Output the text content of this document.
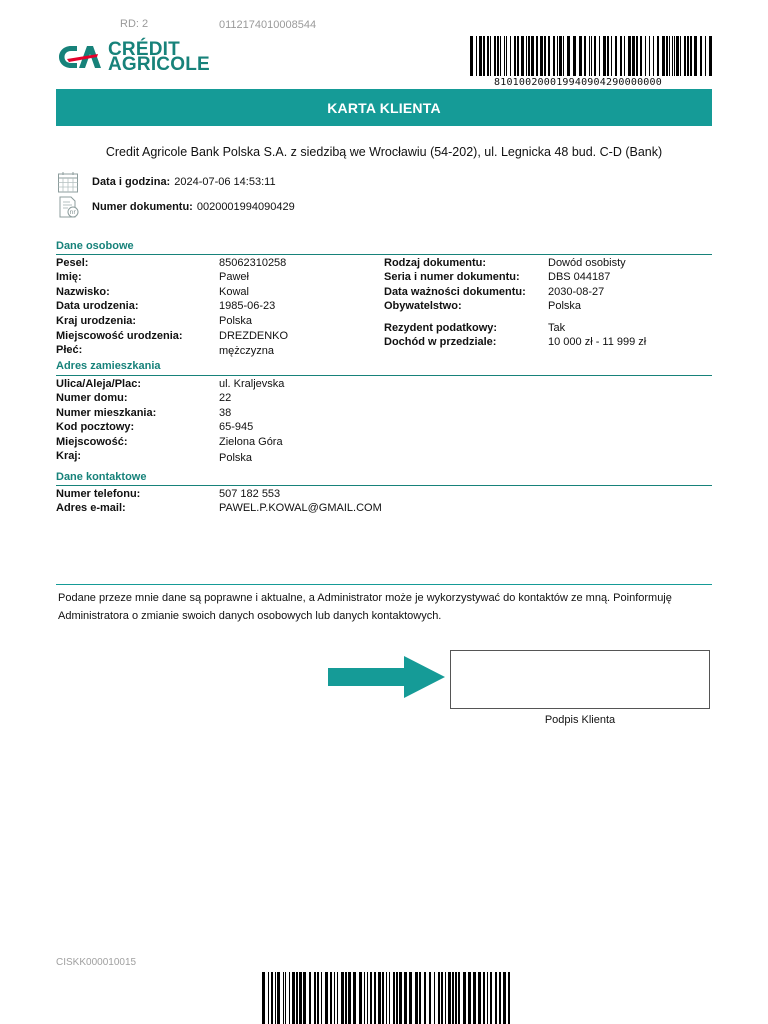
RD: 2	0112174010008544
CRÉDIT
AGRICOLE
810100200019940904290000000
KARTA KLIENTA
Credit Agricole Bank Polska S.A. z siedzibą we Wrocławiu (54-202), ul. Legnicka 48 bud. C-D (Bank)
Data i godzina: 2024-07-06 14:53:11
nr Numer dokumentu: 0020001994090429
Dane osobowe
Pesel:	85062310258
Imię:	Paweł
Nazwisko:	Kowal
Data urodzenia:	1985-06-23
Kraj urodzenia:	Polska
Miejscowość urodzenia:	DREZDENKO
Płeć:	mężczyzna
Rodzaj dokumentu:	Dowód osobisty
Seria i numer dokumentu:	DBS 044187
Data ważności dokumentu: 2030-08-27
Obywatelstwo:	Polska
Rezydent podatkowy:	Tak
Dochód w przedziale:	10 000 zł - 11 999 zł
Adres zamieszkania
Ulica/Aleja/Plac:	ul. Kraljevska
Numer domu:	22
Numer mieszkania:	38
Kod pocztowy:	65-945
Miejscowość:	Zielona Góra
Kraj:	Polska
Dane kontaktowe
Numer telefonu:	507 182 553
Adres e-mail:	PAWEL.P.KOWAL@GMAIL.COM
Podane przeze mnie dane są poprawne i aktualne, a Administrator może je wykorzystywać do kontaktów ze mną. Poinformuję Administratora o zmianie swoich danych osobowych lub danych kontaktowych.
Podpis Klienta
CISKK000010015
